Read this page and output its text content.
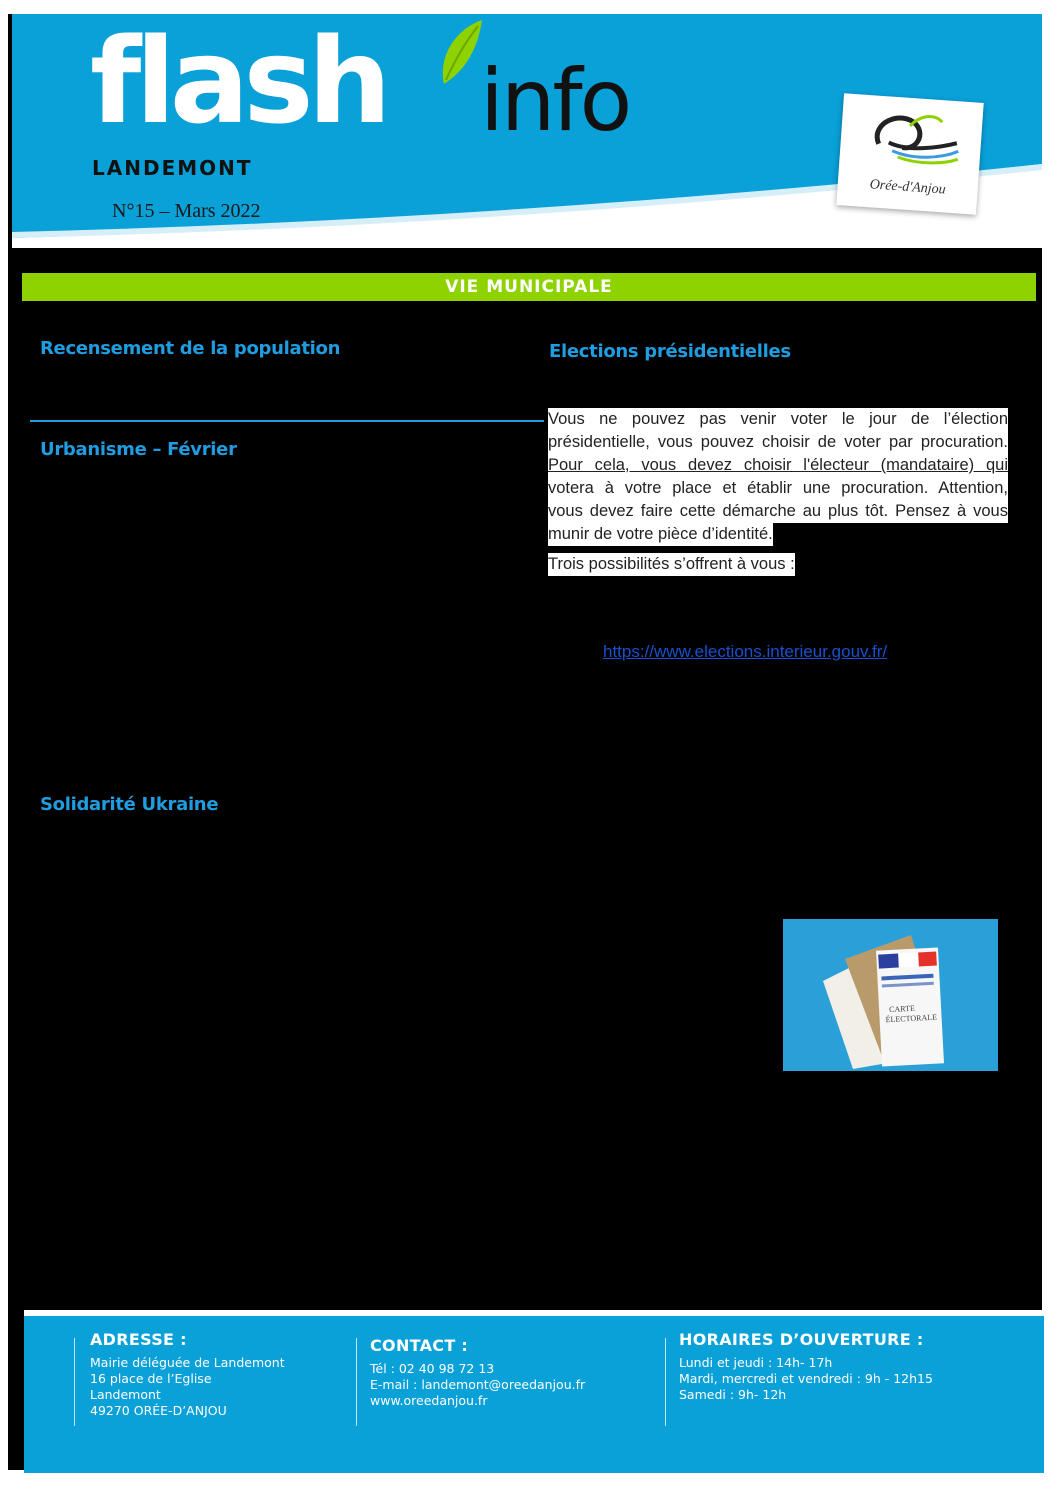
flash info
LANDEMONT
N°15 – Mars 2022
Orée-d'Anjou
VIE MUNICIPALE
Recensement de la population
Urbanisme – Février
Solidarité Ukraine
Elections présidentielles
Vous ne pouvez pas venir voter le jour de l’élection
présidentielle, vous pouvez choisir de voter par procuration.
Pour cela, vous devez choisir l'électeur (mandataire) qui
votera à votre place et établir une procuration. Attention,
vous devez faire cette démarche au plus tôt. Pensez à vous
munir de votre pièce d’identité.
Trois possibilités s’offrent à vous :
https://www.elections.interieur.gouv.fr/
CARTE
ÉLECTORALE
ADRESSE :
Mairie déléguée de Landemont
16 place de l’Eglise
Landemont
49270 ORÉE-D’ANJOU
CONTACT :
Tél : 02 40 98 72 13
E-mail : landemont@oreedanjou.fr
www.oreedanjou.fr
HORAIRES D’OUVERTURE :
Lundi et jeudi : 14h- 17h
Mardi, mercredi et vendredi : 9h - 12h15
Samedi : 9h- 12h
